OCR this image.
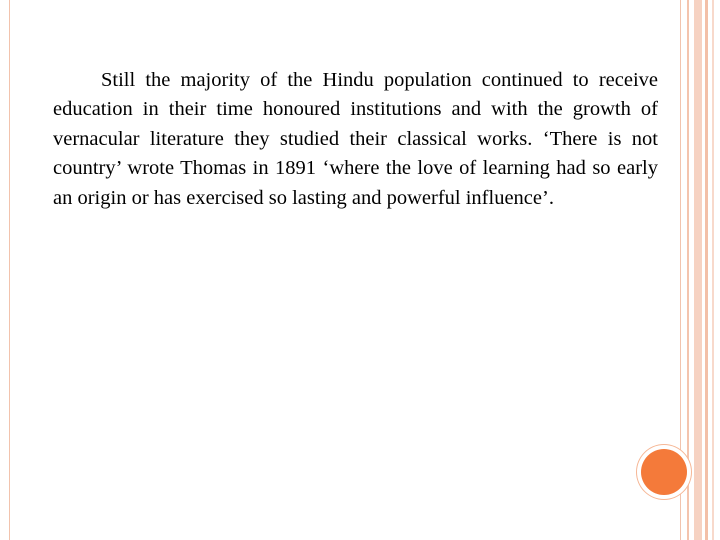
Still the majority of the Hindu population continued to receive education in their time honoured institutions and with the growth of vernacular literature they studied their classical works. ‘There is not country’ wrote Thomas in 1891 ‘where the love of learning had so early an origin or has exercised so lasting and powerful influence’.
